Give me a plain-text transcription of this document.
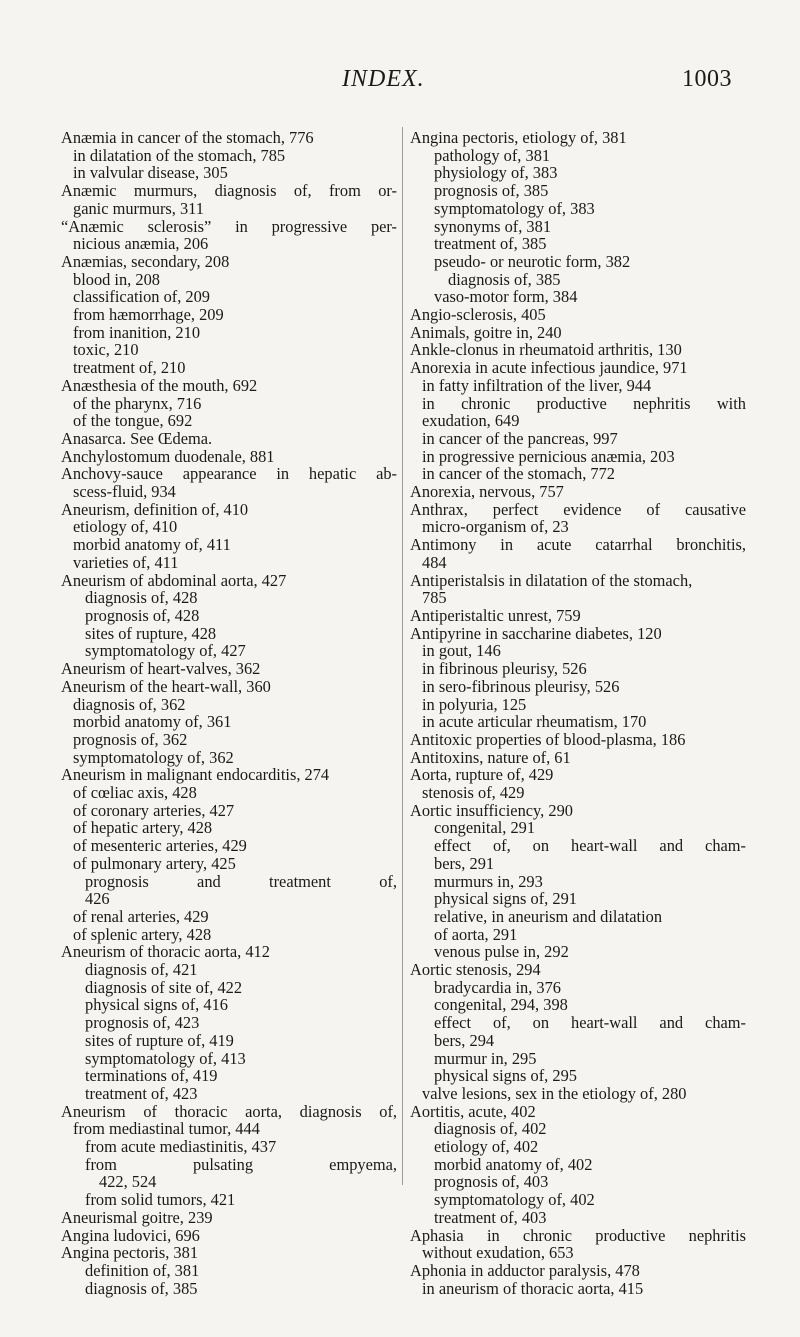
INDEX.	1003
Anæmia in cancer of the stomach, 776
in dilatation of the stomach, 785
in valvular disease, 305
Anæmic murmurs, diagnosis of, from or-
ganic murmurs, 311
“Anæmic sclerosis” in progressive per-
nicious anæmia, 206
Anæmias, secondary, 208
blood in, 208
classification of, 209
from hæmorrhage, 209
from inanition, 210
toxic, 210
treatment of, 210
Anæsthesia of the mouth, 692
of the pharynx, 716
of the tongue, 692
Anasarca. See Œdema.
Anchylostomum duodenale, 881
Anchovy-sauce appearance in hepatic ab-
scess-fluid, 934
Aneurism, definition of, 410
etiology of, 410
morbid anatomy of, 411
varieties of, 411
Aneurism of abdominal aorta, 427
diagnosis of, 428
prognosis of, 428
sites of rupture, 428
symptomatology of, 427
Aneurism of heart-valves, 362
Aneurism of the heart-wall, 360
diagnosis of, 362
morbid anatomy of, 361
prognosis of, 362
symptomatology of, 362
Aneurism in malignant endocarditis, 274
of cœliac axis, 428
of coronary arteries, 427
of hepatic artery, 428
of mesenteric arteries, 429
of pulmonary artery, 425
prognosis and treatment of,
426
of renal arteries, 429
of splenic artery, 428
Aneurism of thoracic aorta, 412
diagnosis of, 421
diagnosis of site of, 422
physical signs of, 416
prognosis of, 423
sites of rupture of, 419
symptomatology of, 413
terminations of, 419
treatment of, 423
Aneurism of thoracic aorta, diagnosis of,
from mediastinal tumor, 444
from acute mediastinitis, 437
from pulsating empyema,
422, 524
from solid tumors, 421
Aneurismal goitre, 239
Angina ludovici, 696
Angina pectoris, 381
definition of, 381
diagnosis of, 385
Angina pectoris, etiology of, 381
pathology of, 381
physiology of, 383
prognosis of, 385
symptomatology of, 383
synonyms of, 381
treatment of, 385
pseudo- or neurotic form, 382
diagnosis of, 385
vaso-motor form, 384
Angio-sclerosis, 405
Animals, goitre in, 240
Ankle-clonus in rheumatoid arthritis, 130
Anorexia in acute infectious jaundice, 971
in fatty infiltration of the liver, 944
in chronic productive nephritis with
exudation, 649
in cancer of the pancreas, 997
in progressive pernicious anæmia, 203
in cancer of the stomach, 772
Anorexia, nervous, 757
Anthrax, perfect evidence of causative
micro-organism of, 23
Antimony in acute catarrhal bronchitis,
484
Antiperistalsis in dilatation of the stomach,
785
Antiperistaltic unrest, 759
Antipyrine in saccharine diabetes, 120
in gout, 146
in fibrinous pleurisy, 526
in sero-fibrinous pleurisy, 526
in polyuria, 125
in acute articular rheumatism, 170
Antitoxic properties of blood-plasma, 186
Antitoxins, nature of, 61
Aorta, rupture of, 429
stenosis of, 429
Aortic insufficiency, 290
congenital, 291
effect of, on heart-wall and cham-
bers, 291
murmurs in, 293
physical signs of, 291
relative, in aneurism and dilatation
of aorta, 291
venous pulse in, 292
Aortic stenosis, 294
bradycardia in, 376
congenital, 294, 398
effect of, on heart-wall and cham-
bers, 294
murmur in, 295
physical signs of, 295
valve lesions, sex in the etiology of, 280
Aortitis, acute, 402
diagnosis of, 402
etiology of, 402
morbid anatomy of, 402
prognosis of, 403
symptomatology of, 402
treatment of, 403
Aphasia in chronic productive nephritis
without exudation, 653
Aphonia in adductor paralysis, 478
in aneurism of thoracic aorta, 415
